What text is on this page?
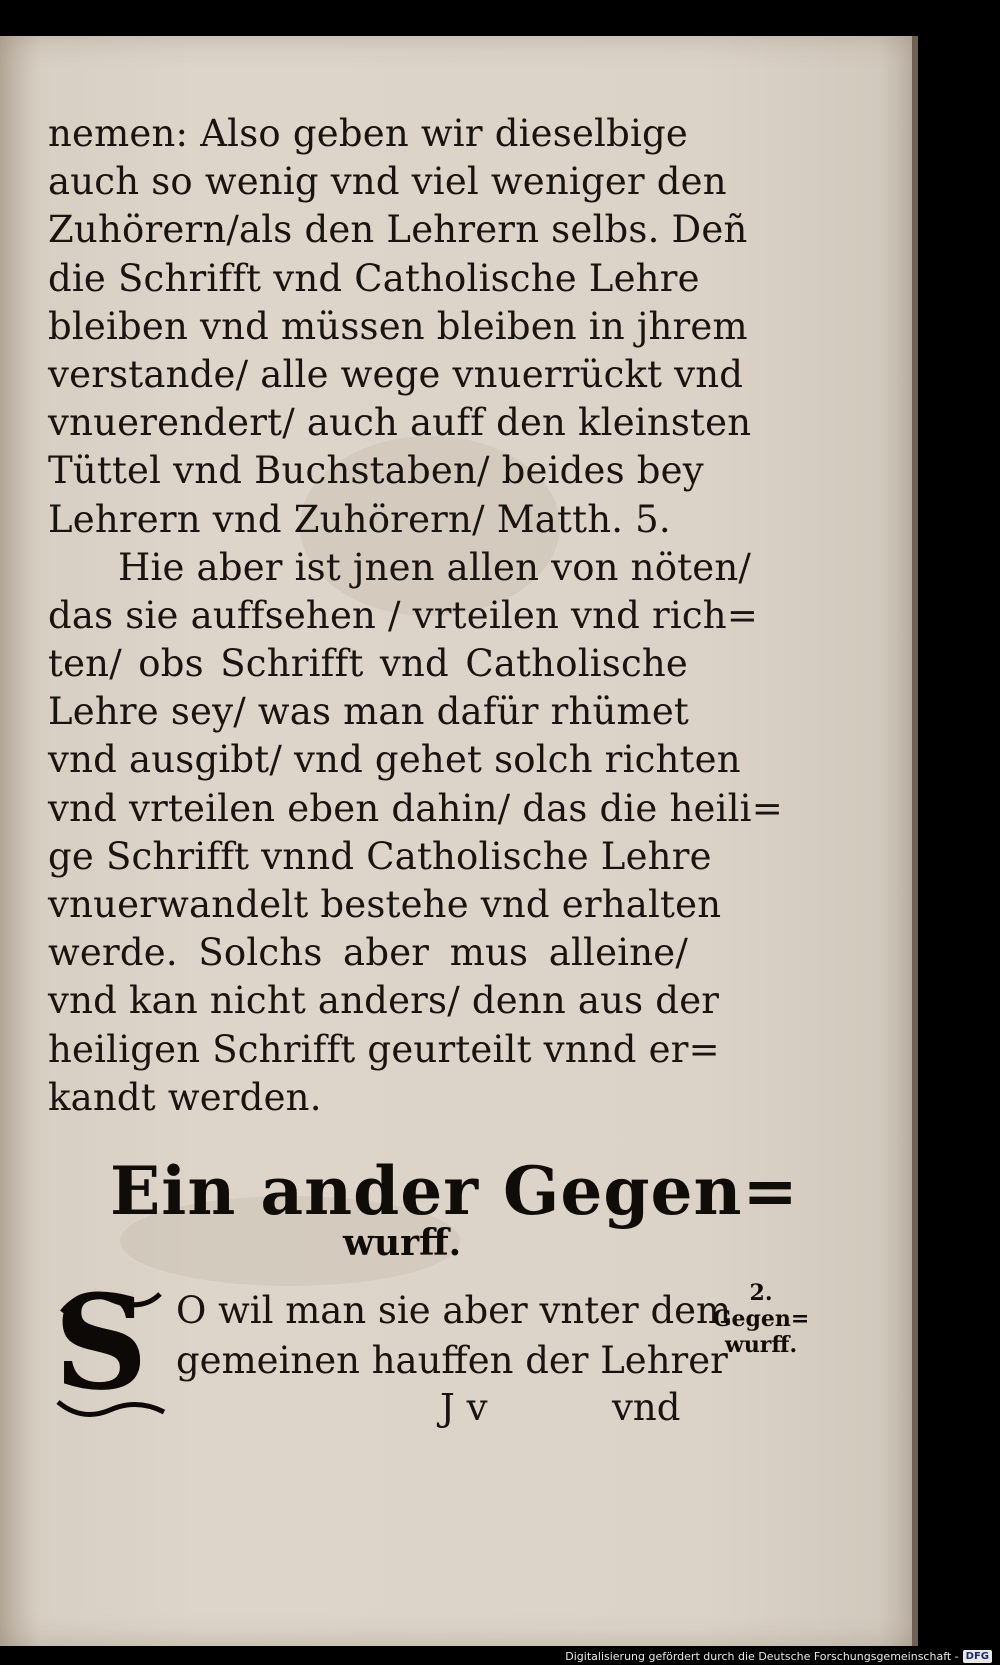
nemen: Also geben wir dieselbige
auch so wenig vnd viel weniger den
Zuhörern/als den Lehrern selbs. Deñ
die Schrifft vnd Catholische Lehre
bleiben vnd müssen bleiben in jhrem
verstande/ alle wege vnuerrückt vnd
vnuerendert/ auch auff den kleinsten
Tüttel vnd Buchstaben/ beides bey
Lehrern vnd Zuhörern/ Matth. 5.
Hie aber ist jnen allen von nöten/
das sie auffsehen / vrteilen vnd rich=
ten/ obs Schrifft vnd Catholische
Lehre sey/ was man dafür rhümet
vnd ausgibt/ vnd gehet solch richten
vnd vrteilen eben dahin/ das die heili=
ge Schrifft vnnd Catholische Lehre
vnuerwandelt bestehe vnd erhalten
werde. Solchs aber mus alleine/
vnd kan nicht anders/ denn aus der
heiligen Schrifft geurteilt vnnd er=
kandt werden.
Ein ander Gegen=
wurff.
S O wil man sie aber vnter dem
gemeinen hauffen der Lehrer
J v	vnd
2.
Gegen=
wurff.
Digitalisierung gefördert durch die Deutsche Forschungsgemeinschaft - DFG
